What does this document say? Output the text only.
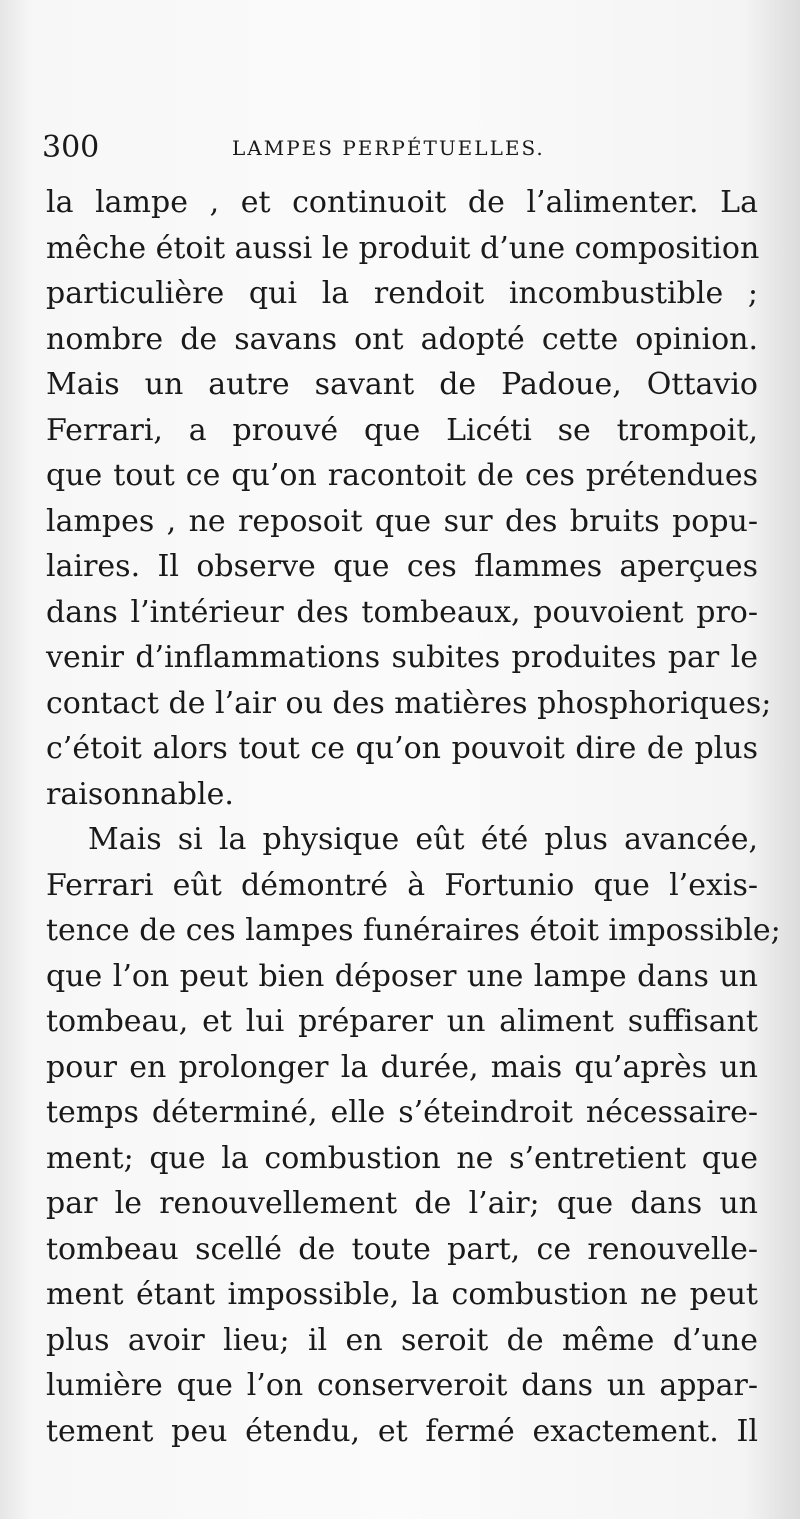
300	LAMPES PERPÉTUELLES.
la lampe , et continuoit de l’alimenter. La
mêche étoit aussi le produit d’une composition
particulière qui la rendoit incombustible ;
nombre de savans ont adopté cette opinion.
Mais un autre savant de Padoue, Ottavio
Ferrari, a prouvé que Licéti se trompoit,
que tout ce qu’on racontoit de ces prétendues
lampes , ne reposoit que sur des bruits popu-
laires. Il observe que ces flammes aperçues
dans l’intérieur des tombeaux, pouvoient pro-
venir d’inflammations subites produites par le
contact de l’air ou des matières phosphoriques;
c’étoit alors tout ce qu’on pouvoit dire de plus
raisonnable.
Mais si la physique eût été plus avancée,
Ferrari eût démontré à Fortunio que l’exis-
tence de ces lampes funéraires étoit impossible;
que l’on peut bien déposer une lampe dans un
tombeau, et lui préparer un aliment suffisant
pour en prolonger la durée, mais qu’après un
temps déterminé, elle s’éteindroit nécessaire-
ment; que la combustion ne s’entretient que
par le renouvellement de l’air; que dans un
tombeau scellé de toute part, ce renouvelle-
ment étant impossible, la combustion ne peut
plus avoir lieu; il en seroit de même d’une
lumière que l’on conserveroit dans un appar-
tement peu étendu, et fermé exactement. Il
